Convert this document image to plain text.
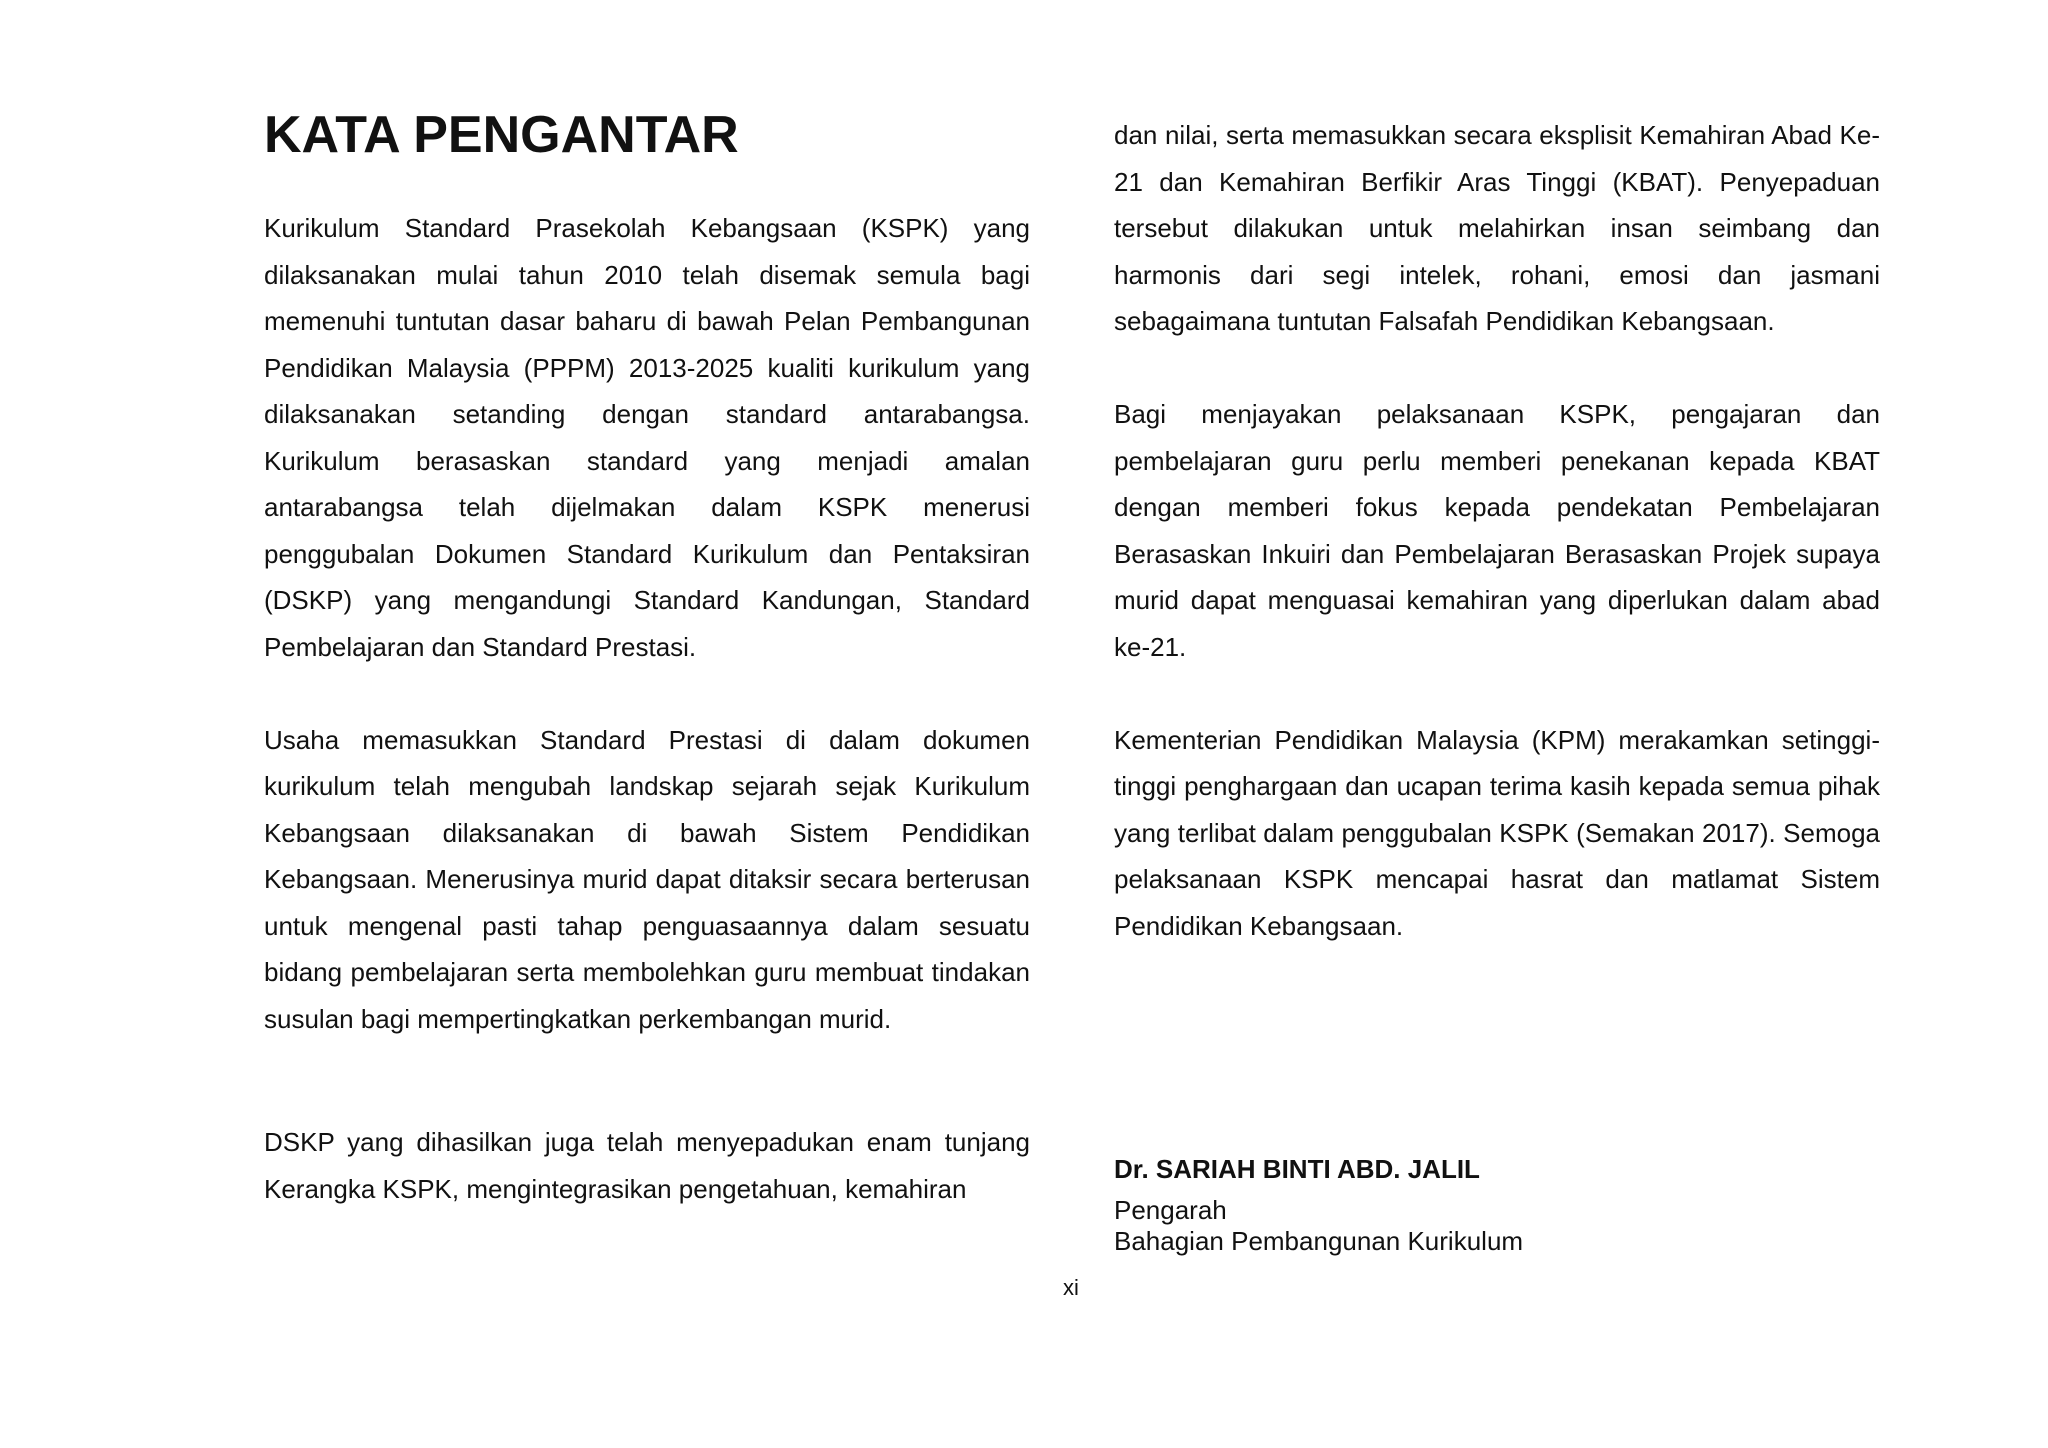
KATA PENGANTAR

Kurikulum Standard Prasekolah Kebangsaan (KSPK) yang dilaksanakan mulai tahun 2010 telah disemak semula bagi memenuhi tuntutan dasar baharu di bawah Pelan Pembangunan Pendidikan Malaysia (PPPM) 2013-2025 kualiti kurikulum yang dilaksanakan setanding dengan standard antarabangsa. Kurikulum berasaskan standard yang menjadi amalan antarabangsa telah dijelmakan dalam KSPK menerusi penggubalan Dokumen Standard Kurikulum dan Pentaksiran (DSKP) yang mengandungi Standard Kandungan, Standard Pembelajaran dan Standard Prestasi.

Usaha memasukkan Standard Prestasi di dalam dokumen kurikulum telah mengubah landskap sejarah sejak Kurikulum Kebangsaan dilaksanakan di bawah Sistem Pendidikan Kebangsaan. Menerusinya murid dapat ditaksir secara berterusan untuk mengenal pasti tahap penguasaannya dalam sesuatu bidang pembelajaran serta membolehkan guru membuat tindakan susulan bagi mempertingkatkan perkembangan murid.

DSKP yang dihasilkan juga telah menyepadukan enam tunjang Kerangka KSPK, mengintegrasikan pengetahuan, kemahiran

dan nilai, serta memasukkan secara eksplisit Kemahiran Abad Ke-21 dan Kemahiran Berfikir Aras Tinggi (KBAT). Penyepaduan tersebut dilakukan untuk melahirkan insan seimbang dan harmonis dari segi intelek, rohani, emosi dan jasmani sebagaimana tuntutan Falsafah Pendidikan Kebangsaan.

Bagi menjayakan pelaksanaan KSPK, pengajaran dan pembelajaran guru perlu memberi penekanan kepada KBAT dengan memberi fokus kepada pendekatan Pembelajaran Berasaskan Inkuiri dan Pembelajaran Berasaskan Projek supaya murid dapat menguasai kemahiran yang diperlukan dalam abad ke-21.

Kementerian Pendidikan Malaysia (KPM) merakamkan setinggi-tinggi penghargaan dan ucapan terima kasih kepada semua pihak yang terlibat dalam penggubalan KSPK (Semakan 2017). Semoga pelaksanaan KSPK mencapai hasrat dan matlamat Sistem Pendidikan Kebangsaan.

Dr. SARIAH BINTI ABD. JALIL

Pengarah

Bahagian Pembangunan Kurikulum

xi
